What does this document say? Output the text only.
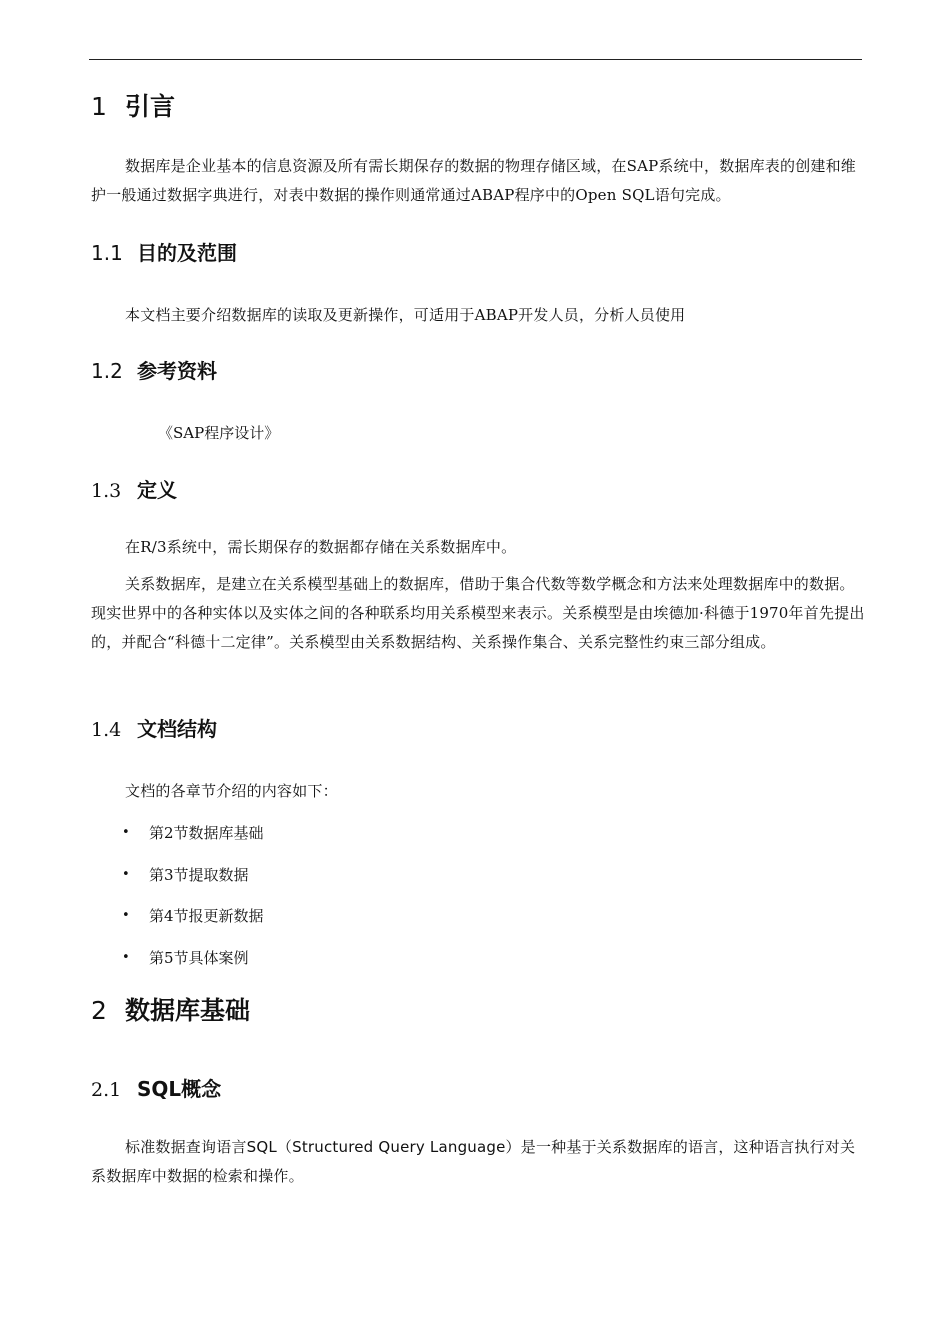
1 引言
数据库是企业基本的信息资源及所有需长期保存的数据的物理存储区域，在SAP系统中，数据库表的创建和维护一般通过数据字典进行，对表中数据的操作则通常通过ABAP程序中的Open SQL语句完成。
1.1 目的及范围
本文档主要介绍数据库的读取及更新操作，可适用于ABAP开发人员，分析人员使用
1.2 参考资料
《SAP程序设计》
1.3 定义
在R/3系统中，需长期保存的数据都存储在关系数据库中。
关系数据库，是建立在关系模型基础上的数据库，借助于集合代数等数学概念和方法来处理数据库中的数据。现实世界中的各种实体以及实体之间的各种联系均用关系模型来表示。关系模型是由埃德加·科德于1970年首先提出的，并配合“科德十二定律”。关系模型由关系数据结构、关系操作集合、关系完整性约束三部分组成。
1.4 文档结构
文档的各章节介绍的内容如下：
•	第2节数据库基础
•	第3节提取数据
•	第4节报更新数据
•	第5节具体案例
2 数据库基础
2.1 SQL概念
标准数据查询语言SQL（Structured Query Language）是一种基于关系数据库的语言，这种语言执行对关系数据库中数据的检索和操作。
